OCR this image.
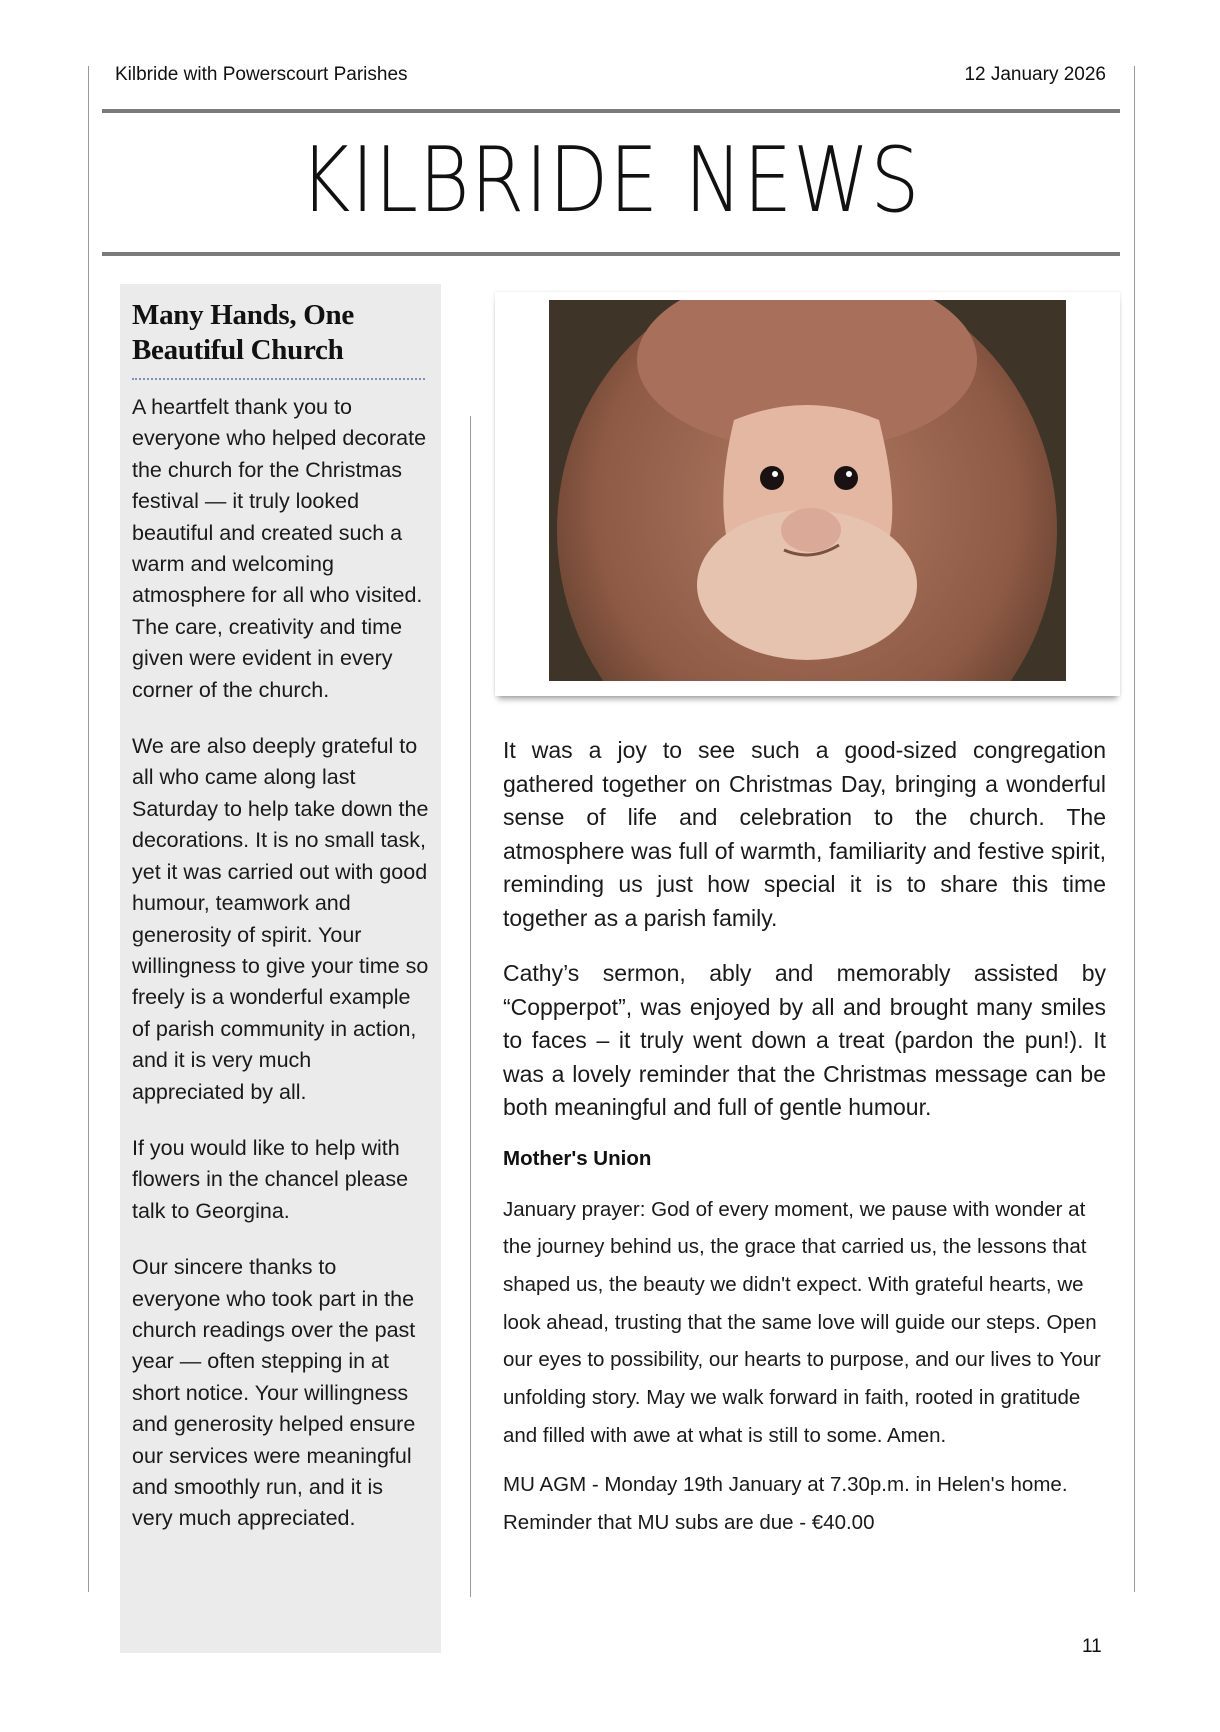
Kilbride with Powerscourt Parishes	12 January 2026
KILBRIDE NEWS
Many Hands, One Beautiful Church

A heartfelt thank you to everyone who helped decorate the church for the Christmas festival — it truly looked beautiful and created such a warm and welcoming atmosphere for all who visited. The care, creativity and time given were evident in every corner of the church.

We are also deeply grateful to all who came along last Saturday to help take down the decorations. It is no small task, yet it was carried out with good humour, teamwork and generosity of spirit. Your willingness to give your time so freely is a wonderful example of parish community in action, and it is very much appreciated by all.

If you would like to help with flowers in the chancel please talk to Georgina.

Our sincere thanks to everyone who took part in the church readings over the past year — often stepping in at short notice. Your willingness and generosity helped ensure our services were meaningful and smoothly run, and it is very much appreciated.

It was a joy to see such a good-sized congregation gathered together on Christmas Day, bringing a wonderful sense of life and celebration to the church. The atmosphere was full of warmth, familiarity and festive spirit, reminding us just how special it is to share this time together as a parish family.

Cathy’s sermon, ably and memorably assisted by “Copperpot”, was enjoyed by all and brought many smiles to faces – it truly went down a treat (pardon the pun!). It was a lovely reminder that the Christmas message can be both meaningful and full of gentle humour.

Mother's Union

January prayer: God of every moment, we pause with wonder at the journey behind us, the grace that carried us, the lessons that shaped us, the beauty we didn't expect. With grateful hearts, we look ahead, trusting that the same love will guide our steps. Open our eyes to possibility, our hearts to purpose, and our lives to Your unfolding story. May we walk forward in faith, rooted in gratitude and filled with awe at what is still to some. Amen.

MU AGM - Monday 19th January at 7.30p.m. in Helen's home.    Reminder that MU subs are due - €40.00

11
